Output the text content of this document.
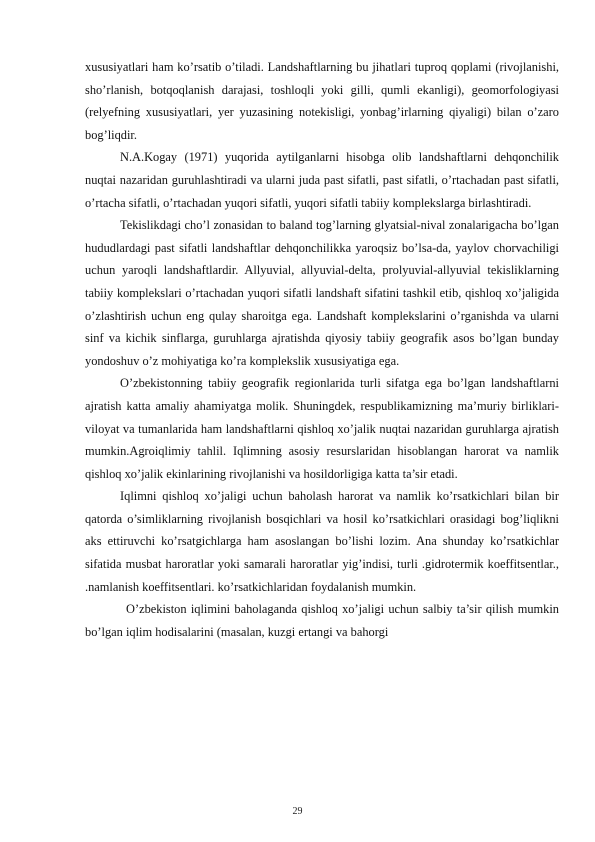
xususiyatlari ham ko’rsatib o’tiladi. Landshaftlarning bu jihatlari tuproq qoplami (rivojlanishi, sho’rlanish, botqoqlanish darajasi, toshloqli yoki gilli, qumli ekanligi), geomorfologiyasi (relyefning xususiyatlari, yer yuzasining notekisligi, yonbag’irlarning qiyaligi) bilan o’zaro bog’liqdir.

N.A.Kogay (1971) yuqorida aytilganlarni hisobga olib landshaftlarni dehqonchilik nuqtai nazaridan guruhlashtiradi va ularni juda past sifatli, past sifatli, o’rtachadan past sifatli, o’rtacha sifatli, o’rtachadan yuqori sifatli, yuqori sifatli tabiiy komplekslarga birlashtiradi.

Tekislikdagi cho’l zonasidan to baland tog’larning glyatsial-nival zonalarigacha bo’lgan hududlardagi past sifatli landshaftlar dehqonchilikka yaroqsiz bo’lsa-da, yaylov chorvachiligi uchun yaroqli landshaftlardir. Allyuvial, allyuvial-delta, prolyuvial-allyuvial tekisliklarning tabiiy komplekslari o’rtachadan yuqori sifatli landshaft sifatini tashkil etib, qishloq xo’jaligida o’zlashtirish uchun eng qulay sharoitga ega. Landshaft komplekslarini o’rganishda va ularni sinf va kichik sinflarga, guruhlarga ajratishda qiyosiy tabiiy geografik asos bo’lgan bunday yondoshuv o’z mohiyatiga ko’ra komplekslik xususiyatiga ega.

O’zbekistonning tabiiy geografik regionlarida turli sifatga ega bo’lgan landshaftlarni ajratish katta amaliy ahamiyatga molik. Shuningdek, respublikamizning ma’muriy birliklari-viloyat va tumanlarida ham landshaftlarni qishloq xo’jalik nuqtai nazaridan guruhlarga ajratish mumkin.Agroiqlimiy tahlil. Iqlimning asosiy resurslaridan hisoblangan harorat va namlik qishloq xo’jalik ekinlarining rivojlanishi va hosildorligiga katta ta’sir etadi.

Iqlimni qishloq xo’jaligi uchun baholash harorat va namlik ko’rsatkichlari bilan bir qatorda o’simliklarning rivojlanish bosqichlari va hosil ko’rsatkichlari orasidagi bog’liqlikni aks ettiruvchi ko’rsatgichlarga ham asoslangan bo’lishi lozim. Ana shunday ko’rsatkichlar sifatida musbat haroratlar yoki samarali haroratlar yig’indisi, turli .gidrotermik koeffitsentlar., .namlanish koeffitsentlari. ko’rsatkichlaridan foydalanish mumkin.

O’zbekiston iqlimini baholaganda qishloq xo’jaligi uchun salbiy ta’sir qilish mumkin bo’lgan iqlim hodisalarini (masalan, kuzgi ertangi va bahorgi

29
